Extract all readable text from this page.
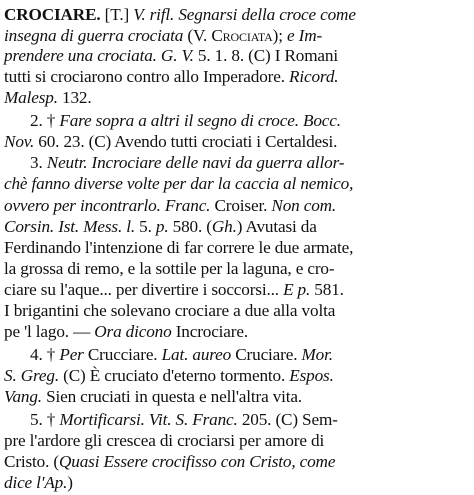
CROCIARE. [T.] V. rifl. Segnarsi della croce come
insegna di guerra crociata (V. Crociata); e Im-
prendere una crociata. G. V. 5. 1. 8. (C) I Romani
tutti si crociarono contro allo Imperadore. Ricord.
Malesp. 132.
2. † Fare sopra a altri il segno di croce. Bocc.
Nov. 60. 23. (C) Avendo tutti crociati i Certaldesi.
3. Neutr. Incrociare delle navi da guerra allor-
chè fanno diverse volte per dar la caccia al nemico,
ovvero per incontrarlo. Franc. Croiser. Non com.
Corsin. Ist. Mess. l. 5. p. 580. (Gh.) Avutasi da
Ferdinando l'intenzione di far correre le due armate,
la grossa di remo, e la sottile per la laguna, e cro-
ciare su l'aque... per divertire i soccorsi... E p. 581.
I brigantini che solevano crociare a due alla volta
pe 'l lago. — Ora dicono Incrociare.
4. † Per Crucciare. Lat. aureo Cruciare. Mor.
S. Greg. (C) È cruciato d'eterno tormento. Espos.
Vang. Sien cruciati in questa e nell'altra vita.
5. † Mortificarsi. Vit. S. Franc. 205. (C) Sem-
pre l'ardore gli crescea di crociarsi per amore di
Cristo. (Quasi Essere crocifisso con Cristo, come
dice l'Ap.)
